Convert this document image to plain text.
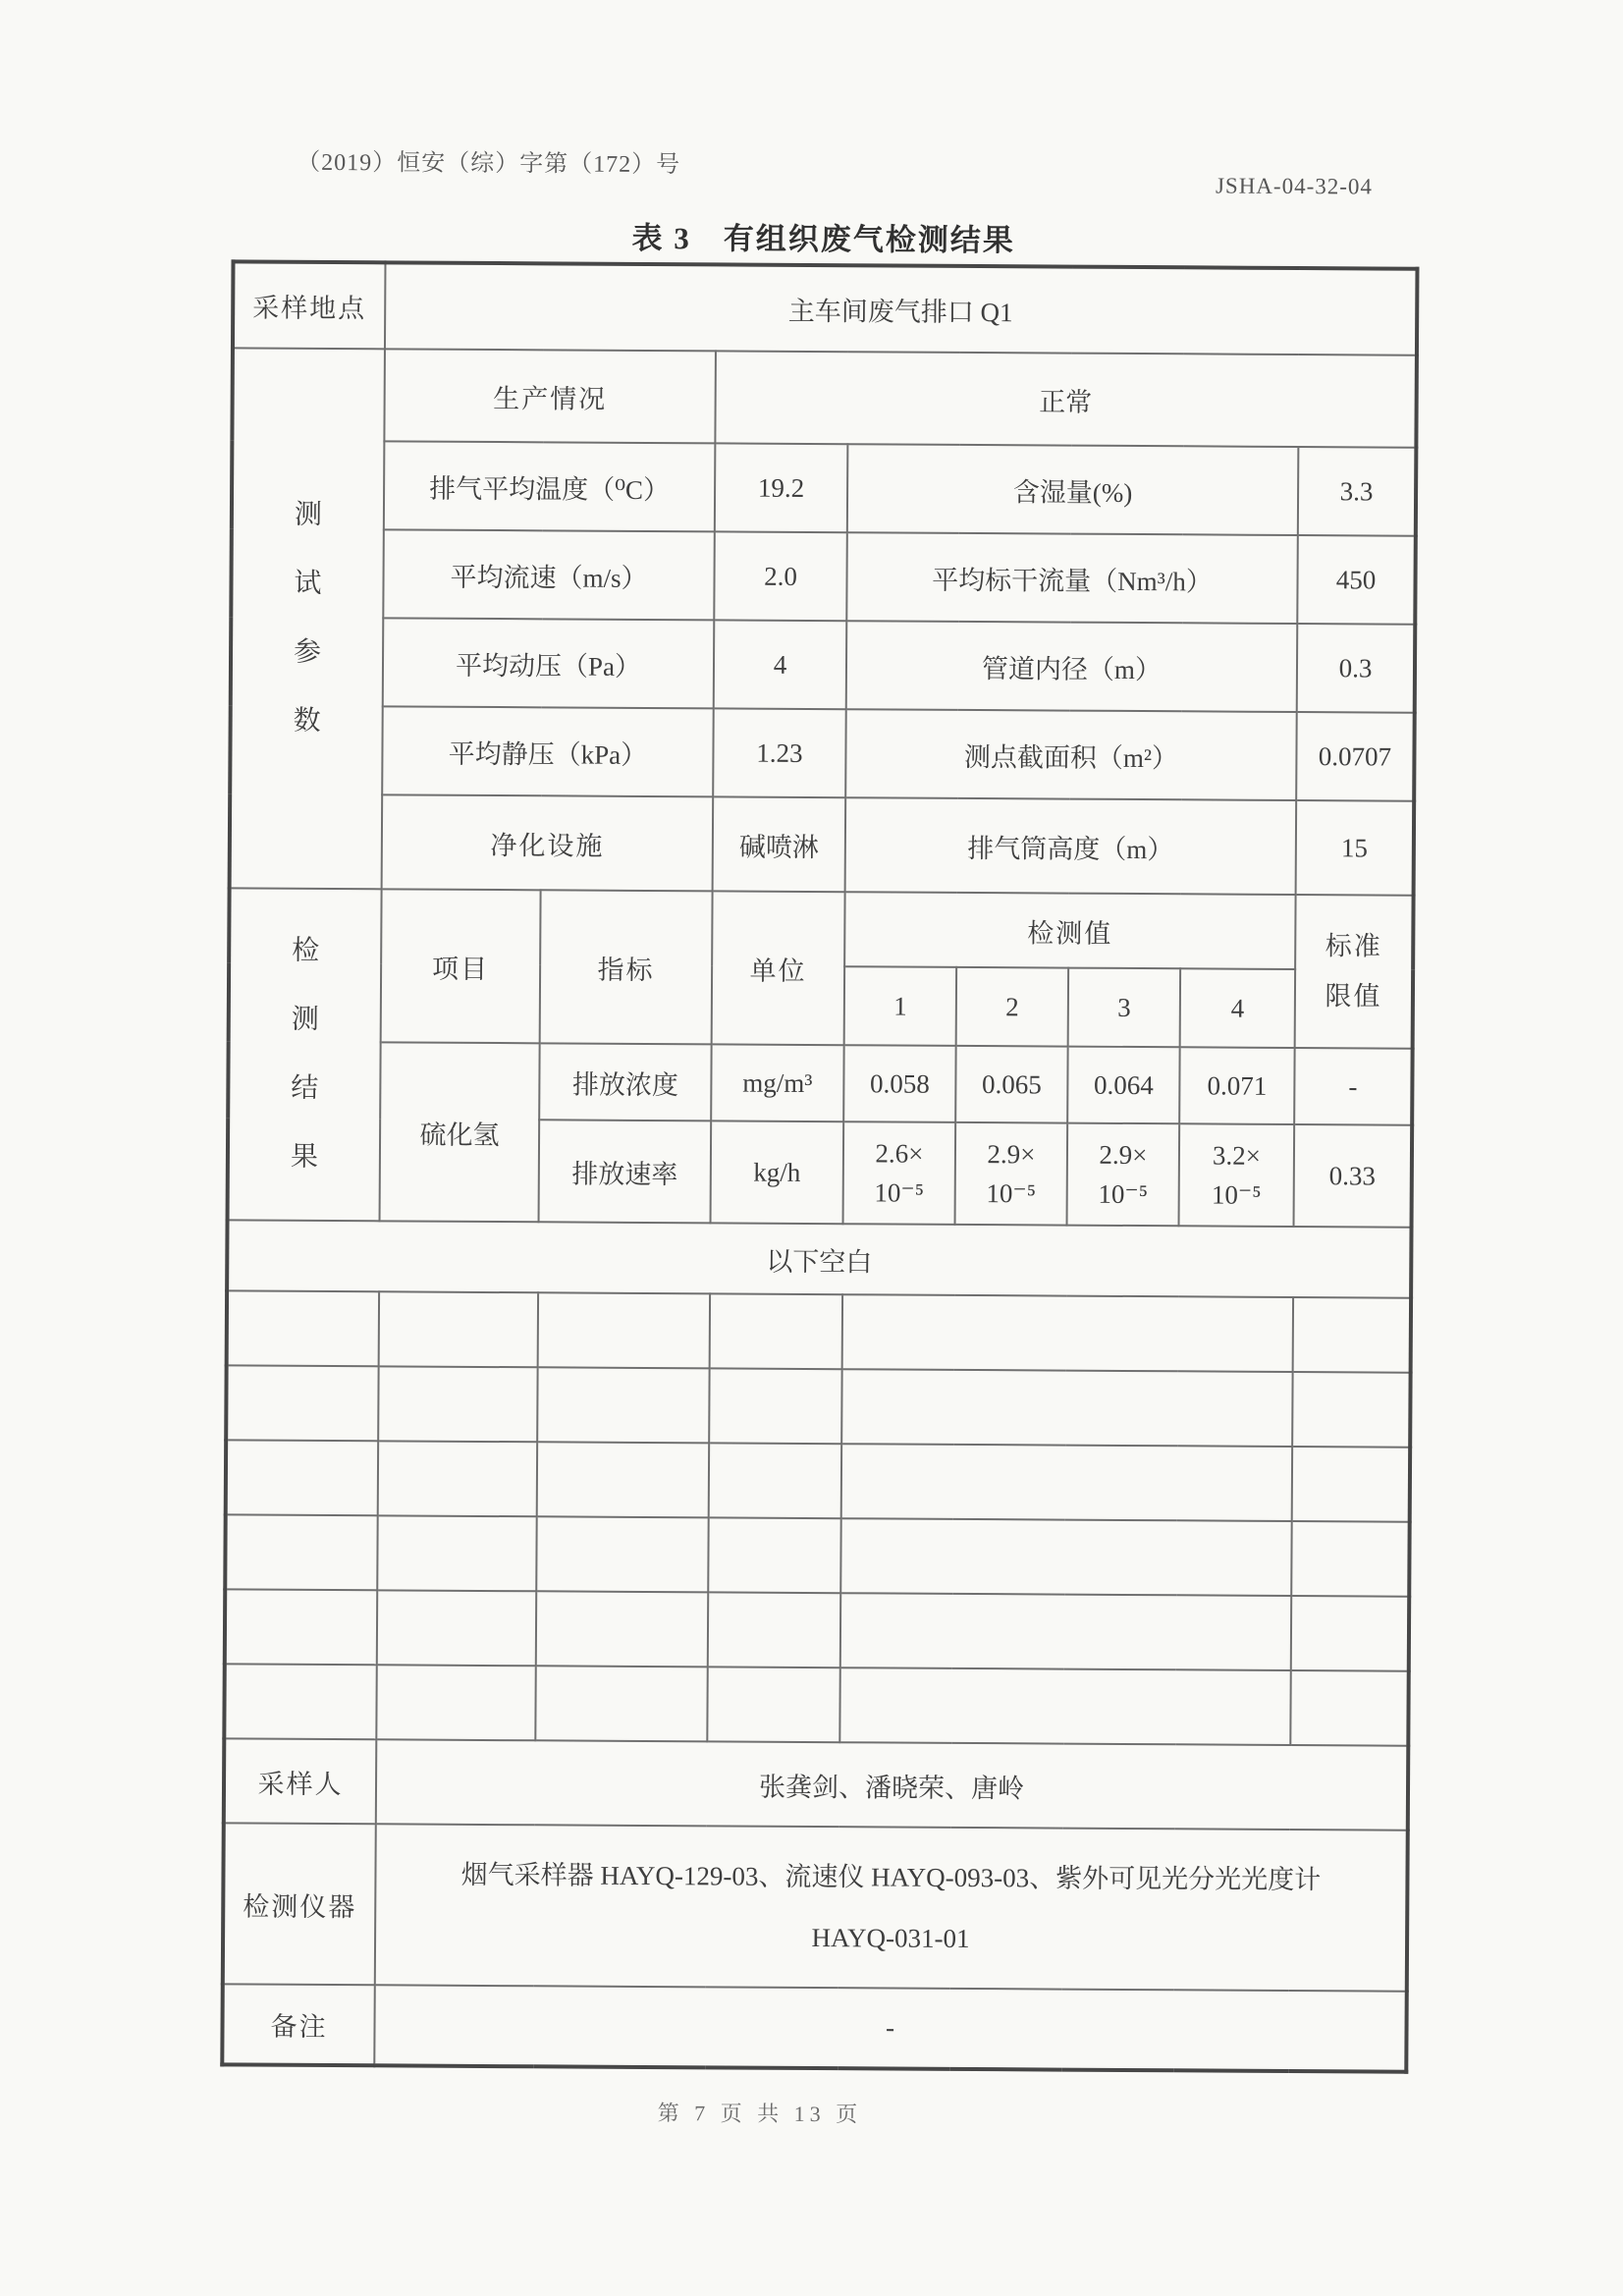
（2019）恒安（综）字第（172）号
JSHA-04-32-04
表 3　有组织废气检测结果
采样地点	主车间废气排口 Q1							
测试参数	生产情况		正常					
	排气平均温度（⁰C）		19.2	含湿量(%)				3.3
	平均流速（m/s）		2.0	平均标干流量（Nm³/h）				450
	平均动压（Pa）		4	管道内径（m）				0.3
	平均静压（kPa）		1.23	测点截面积（m²）				0.0707
	净化设施		碱喷淋	排气筒高度（m）				15
检测结果	项目	指标	单位	检测值				标准
限值
				1	2	3	4	
	硫化氢	排放浓度	mg/m³	0.058	0.065	0.064	0.071	-
		排放速率	kg/h	2.6×
10⁻⁵	2.9×
10⁻⁵	2.9×
10⁻⁵	3.2×
10⁻⁵	0.33
以下空白								

采样人	张龚剑、潘晓荣、唐岭							
检测仪器	烟气采样器 HAYQ-129-03、流速仪 HAYQ-093-03、紫外可见光分光光度计
HAYQ-031-01							
备注	-							
第 7 页 共 13 页
